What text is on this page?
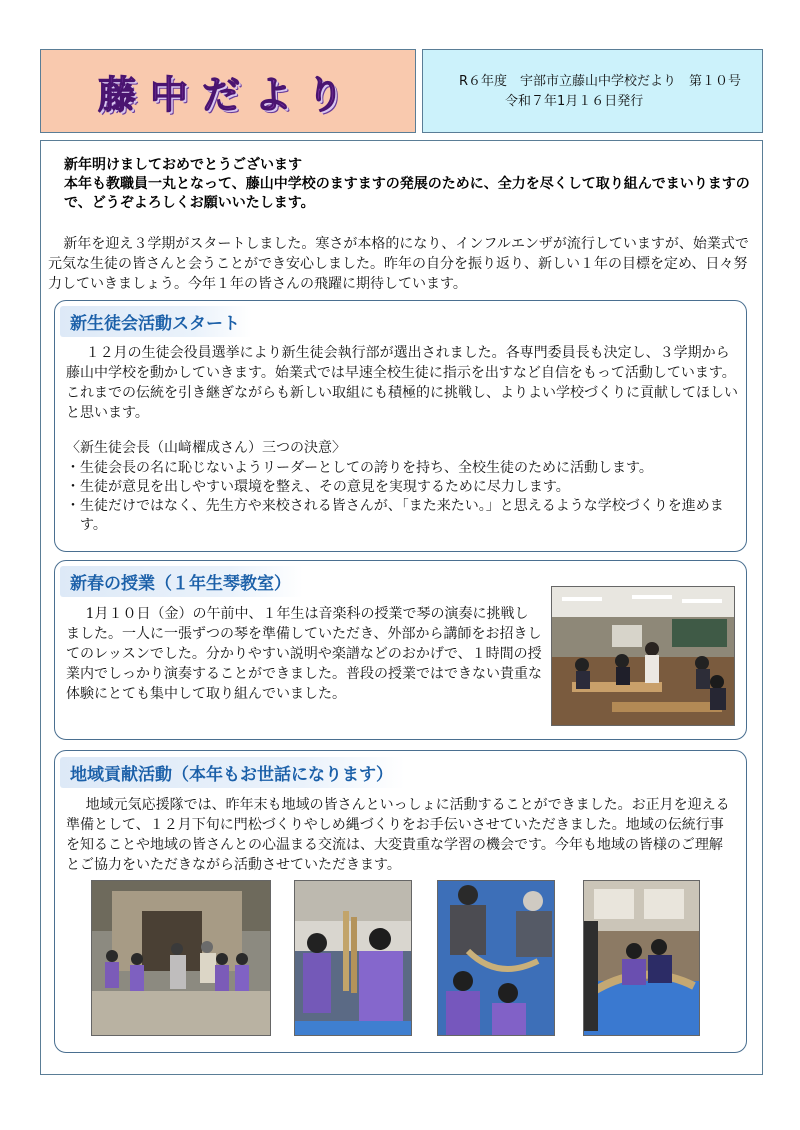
藤中だより	R６年度　宇部市立藤山中学校だより　第１０号
令和７年1月１６日発行
新年明けましておめでとうございます
本年も教職員一丸となって、藤山中学校のますますの発展のために、全力を尽くして取り組んでまいりますので、どうぞよろしくお願いいたします。
新年を迎え３学期がスタートしました。寒さが本格的になり、インフルエンザが流行していますが、始業式で元気な生徒の皆さんと会うことができ安心しました。昨年の自分を振り返り、新しい１年の目標を定め、日々努力していきましょう。今年１年の皆さんの飛躍に期待しています。
新生徒会活動スタート
１２月の生徒会役員選挙により新生徒会執行部が選出されました。各専門委員長も決定し、３学期から藤山中学校を動かしていきます。始業式では早速全校生徒に指示を出すなど自信をもって活動しています。これまでの伝統を引き継ぎながらも新しい取組にも積極的に挑戦し、よりよい学校づくりに貢献してほしいと思います。
〈新生徒会長（山﨑櫂成さん）三つの決意〉
・ 生徒会長の名に恥じないようリーダーとしての誇りを持ち、全校生徒のために活動します。
・ 生徒が意見を出しやすい環境を整え、その意見を実現するために尽力します。
・ 生徒だけではなく、先生方や来校される皆さんが、「また来たい。」と思えるような学校づくりを進めます。
新春の授業（１年生琴教室）
1月１０日（金）の午前中、１年生は音楽科の授業で琴の演奏に挑戦しました。一人に一張ずつの琴を準備していただき、外部から講師をお招きしてのレッスンでした。分かりやすい説明や楽譜などのおかげで、１時間の授業内でしっかり演奏することができました。普段の授業ではできない貴重な体験にとても集中して取り組んでいました。
地域貢献活動（本年もお世話になります）
地域元気応援隊では、昨年末も地域の皆さんといっしょに活動することができました。お正月を迎える準備として、１２月下旬に門松づくりやしめ縄づくりをお手伝いさせていただきました。地域の伝統行事を知ることや地域の皆さんとの心温まる交流は、大変貴重な学習の機会です。今年も地域の皆様のご理解とご協力をいただきながら活動させていただきます。
